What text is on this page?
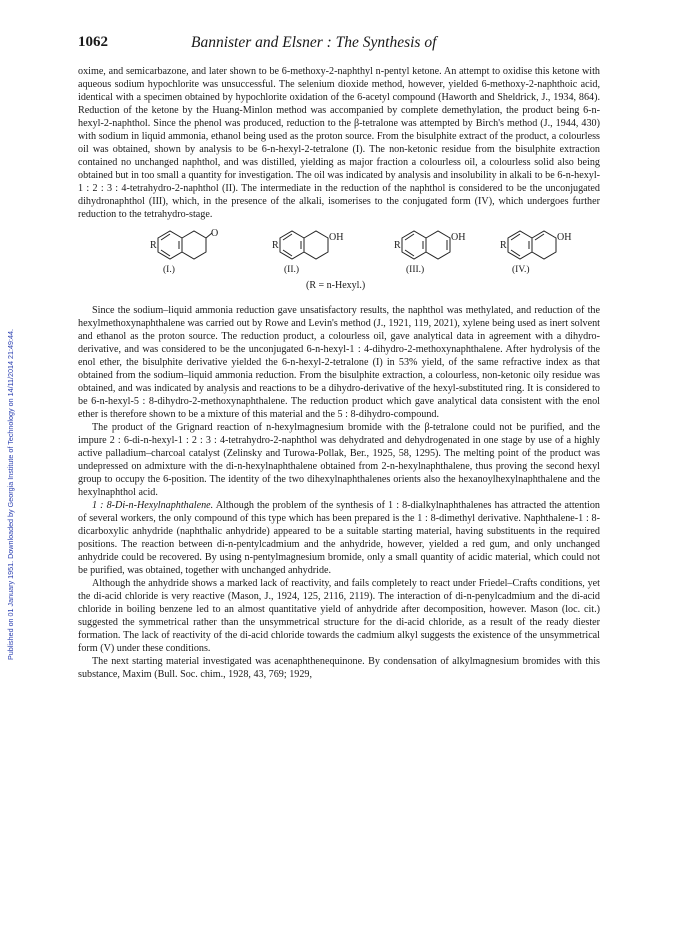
1062	Bannister and Elsner : The Synthesis of
Published on 01 January 1951. Downloaded by Georgia Institute of Technology on 14/11/2014 21:49:44.

oxime, and semicarbazone, and later shown to be 6-methoxy-2-naphthyl n-pentyl ketone. An attempt to oxidise this ketone with aqueous sodium hypochlorite was unsuccessful. The selenium dioxide method, however, yielded 6-methoxy-2-naphthoic acid, identical with a specimen obtained by hypochlorite oxidation of the 6-acetyl compound (Haworth and Sheldrick, J., 1934, 864). Reduction of the ketone by the Huang-Minlon method was accompanied by complete demethylation, the product being 6-n-hexyl-2-naphthol. Since the phenol was produced, reduction to the β-tetralone was attempted by Birch's method (J., 1944, 430) with sodium in liquid ammonia, ethanol being used as the proton source. From the bisulphite extract of the product, a colourless oil was obtained, shown by analysis to be 6-n-hexyl-2-tetralone (I). The non-ketonic residue from the bisulphite extraction contained no unchanged naphthol, and was distilled, yielding as major fraction a colourless oil, a colourless solid also being obtained but in too small a quantity for investigation. The oil was indicated by analysis and insolubility in alkali to be 6-n-hexyl-1 : 2 : 3 : 4-tetrahydro-2-naphthol (II). The intermediate in the reduction of the naphthol is considered to be the unconjugated dihydronaphthol (III), which, in the presence of the alkali, isomerises to the conjugated form (IV), which undergoes further reduction to the tetrahydro-stage.

R
O
R
OH
R
OH
R
OH
(I.)	(II.)	(III.)	(IV.)
(R = n-Hexyl.)

Since the sodium–liquid ammonia reduction gave unsatisfactory results, the naphthol was methylated, and reduction of the hexylmethoxynaphthalene was carried out by Rowe and Levin's method (J., 1921, 119, 2021), xylene being used as inert solvent and ethanol as the proton source. The reduction product, a colourless oil, gave analytical data in agreement with a dihydro-derivative, and was considered to be the unconjugated 6-n-hexyl-1 : 4-dihydro-2-methoxynaphthalene. After hydrolysis of the enol ether, the bisulphite derivative yielded the 6-n-hexyl-2-tetralone (I) in 53% yield, of the same refractive index as that obtained from the sodium–liquid ammonia reduction. From the bisulphite extraction, a colourless, non-ketonic oily residue was obtained, and was indicated by analysis and reactions to be a dihydro-derivative of the hexyl-substituted ring. It is considered to be 6-n-hexyl-5 : 8-dihydro-2-methoxynaphthalene. The reduction product which gave analytical data consistent with the enol ether is therefore shown to be a mixture of this material and the 5 : 8-dihydro-compound.

The product of the Grignard reaction of n-hexylmagnesium bromide with the β-tetralone could not be purified, and the impure 2 : 6-di-n-hexyl-1 : 2 : 3 : 4-tetrahydro-2-naphthol was dehydrated and dehydrogenated in one stage by use of a highly active palladium–charcoal catalyst (Zelinsky and Turowa-Pollak, Ber., 1925, 58, 1295). The melting point of the product was undepressed on admixture with the di-n-hexylnaphthalene obtained from 2-n-hexylnaphthalene, thus proving the second hexyl group to occupy the 6-position. The identity of the two dihexylnaphthalenes orients also the hexanoylhexylnaphthalene and the hexylnaphthol acid.

1 : 8-Di-n-Hexylnaphthalene. Although the problem of the synthesis of 1 : 8-dialkylnaphthalenes has attracted the attention of several workers, the only compound of this type which has been prepared is the 1 : 8-dimethyl derivative. Naphthalene-1 : 8-dicarboxylic anhydride (naphthalic anhydride) appeared to be a suitable starting material, having substituents in the required positions. The reaction between di-n-pentylcadmium and the anhydride, however, yielded a red gum, and only unchanged anhydride could be recovered. By using n-pentylmagnesium bromide, only a small quantity of acidic material, which could not be purified, was obtained, together with unchanged anhydride.

Although the anhydride shows a marked lack of reactivity, and fails completely to react under Friedel–Crafts conditions, yet the di-acid chloride is very reactive (Mason, J., 1924, 125, 2116, 2119). The interaction of di-n-penylcadmium and the di-acid chloride in boiling benzene led to an almost quantitative yield of anhydride after decomposition, however. Mason (loc. cit.) suggested the symmetrical rather than the unsymmetrical structure for the di-acid chloride, as a result of the ready diester formation. The lack of reactivity of the di-acid chloride towards the cadmium alkyl suggests the existence of the unsymmetrical form (V) under these conditions.

The next starting material investigated was acenaphthenequinone. By condensation of alkylmagnesium bromides with this substance, Maxim (Bull. Soc. chim., 1928, 43, 769; 1929,
